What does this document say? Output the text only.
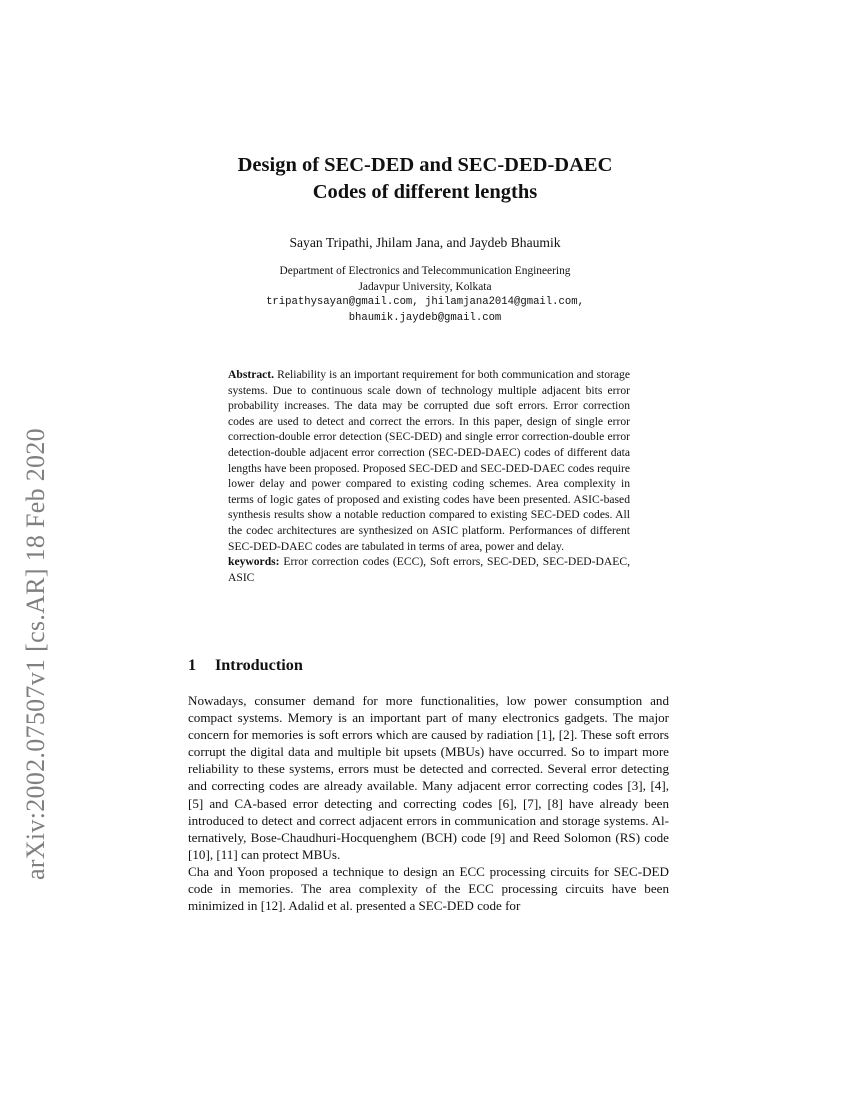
arXiv:2002.07507v1 [cs.AR] 18 Feb 2020
Design of SEC-DED and SEC-DED-DAEC
Codes of different lengths
Sayan Tripathi, Jhilam Jana, and Jaydeb Bhaumik
Department of Electronics and Telecommunication Engineering
Jadavpur University, Kolkata
tripathysayan@gmail.com, jhilamjana2014@gmail.com,
bhaumik.jaydeb@gmail.com

Abstract. Reliability is an important requirement for both communication and storage systems. Due to continuous scale down of technology multiple adjacent bits error probability increases. The data may be corrupted due soft errors. Error correction codes are used to detect and correct the errors. In this paper, design of single error correction-double error detection (SEC-DED) and single error correction-double error detection-double adjacent error correction (SEC-DED-DAEC) codes of different data lengths have been proposed. Proposed SEC-DED and SEC-DED-DAEC codes require lower delay and power compared to existing coding schemes. Area complexity in terms of logic gates of proposed and existing codes have been presented. ASIC-based synthesis results show a notable reduction compared to existing SEC-DED codes. All the codec architectures are synthesized on ASIC platform. Performances of different SEC-DED-DAEC codes are tabulated in terms of area, power and delay.

keywords: Error correction codes (ECC), Soft errors, SEC-DED, SEC-DED-DAEC, ASIC

1 Introduction

Nowadays, consumer demand for more functionalities, low power consumption and compact systems. Memory is an important part of many electronics gadgets. The major concern for memories is soft errors which are caused by radiation [1], [2]. These soft errors corrupt the digital data and multiple bit upsets (MBUs) have occurred. So to impart more reliability to these systems, errors must be detected and corrected. Several error detecting and correcting codes are already available. Many adjacent error correcting codes [3], [4], [5] and CA-based error detecting and correcting codes [6], [7], [8] have already been introduced to detect and correct adjacent errors in communication and storage systems. Alternatively, Bose-Chaudhuri-Hocquenghem (BCH) code [9] and Reed Solomon (RS) code [10], [11] can protect MBUs.

Cha and Yoon proposed a technique to design an ECC processing circuits for SEC-DED code in memories. The area complexity of the ECC processing circuits have been minimized in [12]. Adalid et al. presented a SEC-DED code for
